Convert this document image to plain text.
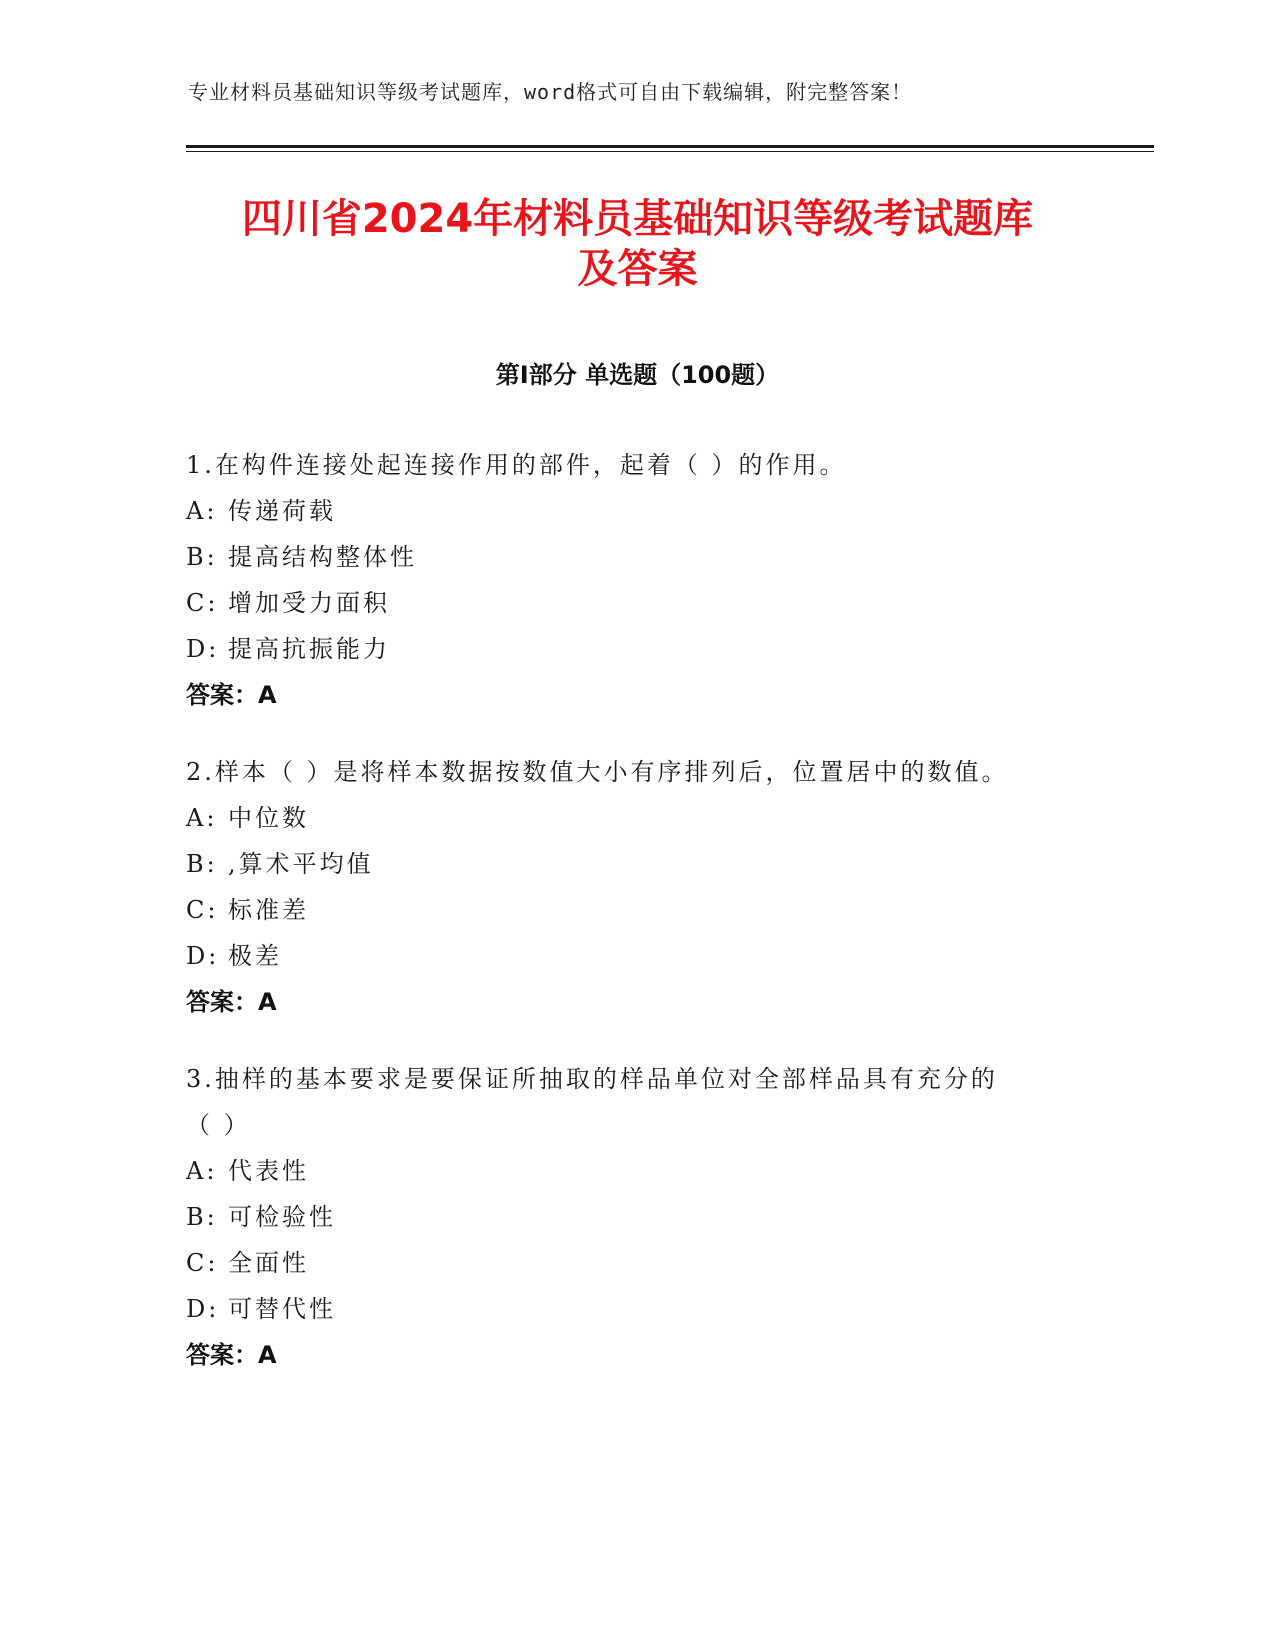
专业材料员基础知识等级考试题库，word格式可自由下载编辑，附完整答案！
四川省2024年材料员基础知识等级考试题库
及答案
第Ⅰ部分 单选题（100题）
1.在构件连接处起连接作用的部件，起着（ ）的作用。
A: 传递荷载
B: 提高结构整体性
C: 增加受力面积
D: 提高抗振能力
答案：A
2.样本（ ）是将样本数据按数值大小有序排列后，位置居中的数值。
A: 中位数
B: ,算术平均值
C: 标准差
D: 极差
答案：A
3.抽样的基本要求是要保证所抽取的样品单位对全部样品具有充分的
（ ）
A: 代表性
B: 可检验性
C: 全面性
D: 可替代性
答案：A
